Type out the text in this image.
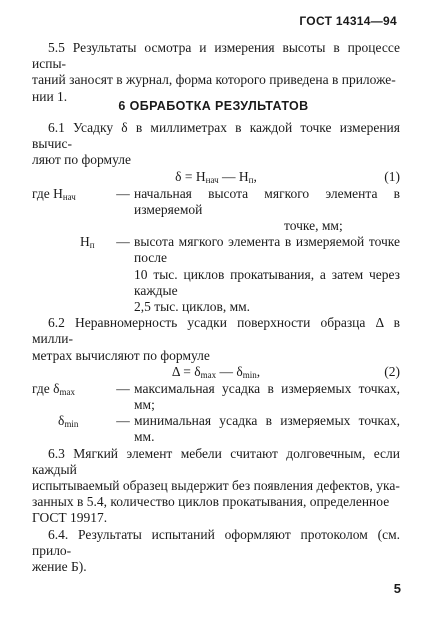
ГОСТ 14314—94
5.5 Результаты осмотра и измерения высоты в процессе испы-
таний заносят в журнал, форма которого приведена в приложе-
нии 1.
6 ОБРАБОТКА РЕЗУЛЬТАТОВ
6.1 Усадку δ в миллиметрах в каждой точке измерения вычис-
ляют по формуле
$\delta = H_{нач}$ — $H_п$,	(1)
где $H_{нач}$	— начальная высота мягкого элемента в измеряемой
точке, мм;
$H_п$	— высота мягкого элемента в измеряемой точке после
10 тыс. циклов прокатывания, а затем через каждые
2,5 тыс. циклов, мм.
6.2 Неравномерность усадки поверхности образца Δ в милли-
метрах вычисляют по формуле
$\Delta = \delta_{max}$ — $\delta_{min}$,	(2)
где $\delta_{max}$	— максимальная усадка в измеряемых точках, мм;
$\delta_{min}$	— минимальная усадка в измеряемых точках, мм.
6.3 Мягкий элемент мебели считают долговечным, если каждый
испытываемый образец выдержит без появления дефектов, ука-
занных в 5.4, количество циклов прокатывания, определенное
ГОСТ 19917.
6.4. Результаты испытаний оформляют протоколом (см. прило-
жение Б).
5
